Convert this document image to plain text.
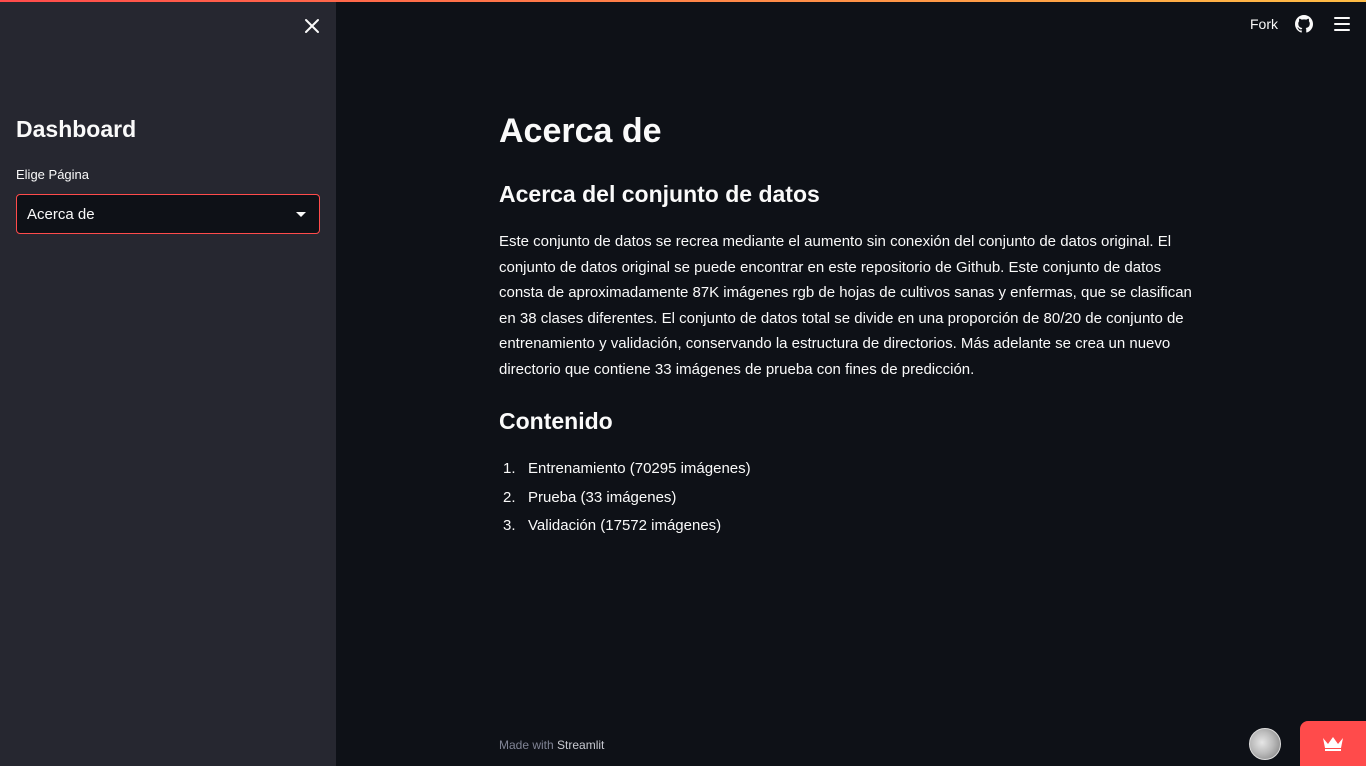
Dashboard
Elige Página
Acerca de
Fork
Acerca de
Acerca del conjunto de datos

Este conjunto de datos se recrea mediante el aumento sin conexión del conjunto de datos original. El conjunto de datos original se puede encontrar en este repositorio de Github. Este conjunto de datos consta de aproximadamente 87K imágenes rgb de hojas de cultivos sanas y enfermas, que se clasifican en 38 clases diferentes. El conjunto de datos total se divide en una proporción de 80/20 de conjunto de entrenamiento y validación, conservando la estructura de directorios. Más adelante se crea un nuevo directorio que contiene 33 imágenes de prueba con fines de predicción.

Contenido
1. Entrenamiento (70295 imágenes)
2. Prueba (33 imágenes)
3. Validación (17572 imágenes)
Made with Streamlit
